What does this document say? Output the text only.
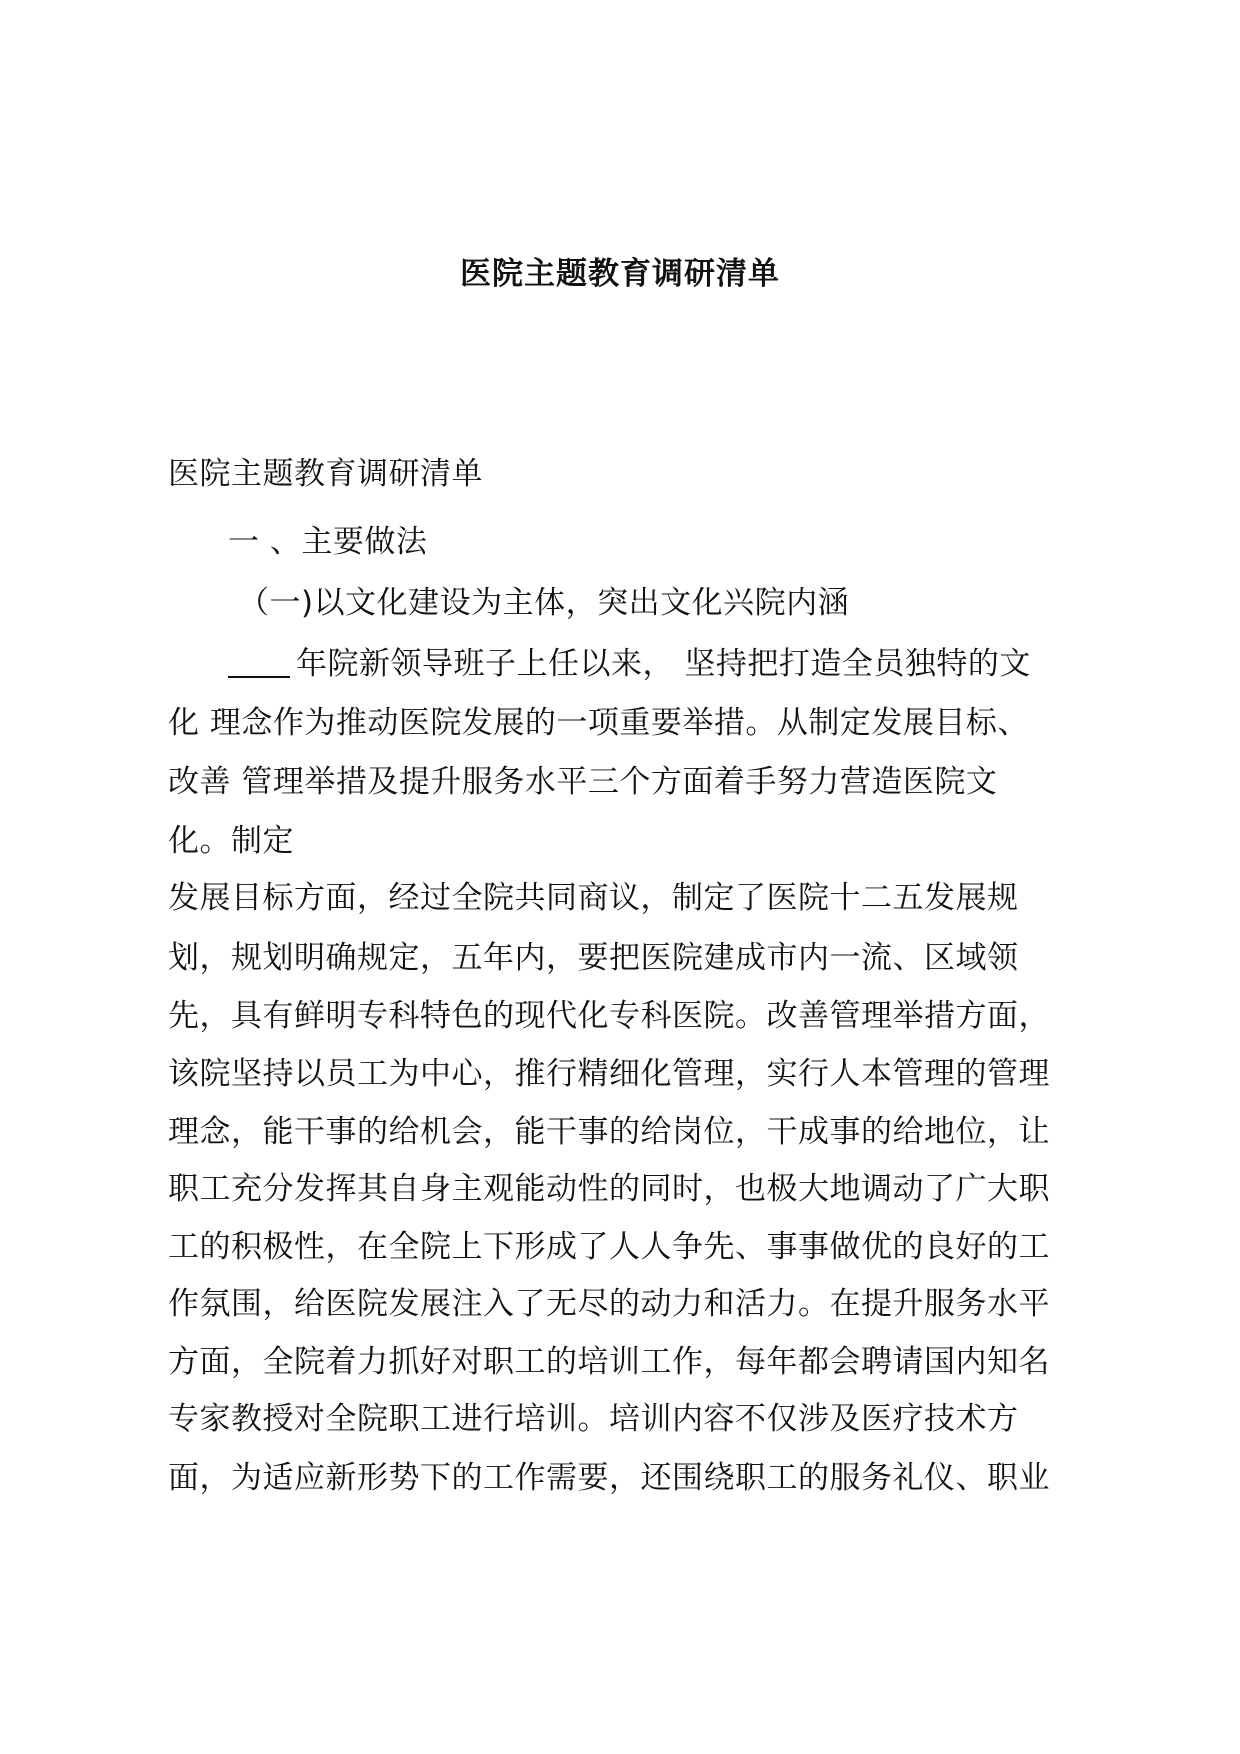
医院主题教育调研清单
医院主题教育调研清单
一 、主要做法
（一)以文化建设为主体，突出文化兴院内涵
年院新领导班子上任以来， 坚持把打造全员独特的文
化 理念作为推动医院发展的一项重要举措。从制定发展目标、
改善 管理举措及提升服务水平三个方面着手努力营造医院文
化。制定
发展目标方面，经过全院共同商议，制定了医院十二五发展规
划，规划明确规定，五年内，要把医院建成市内一流、区域领
先，具有鲜明专科特色的现代化专科医院。改善管理举措方面，
该院坚持以员工为中心，推行精细化管理，实行人本管理的管理
理念，能干事的给机会，能干事的给岗位，干成事的给地位，让
职工充分发挥其自身主观能动性的同时，也极大地调动了广大职
工的积极性，在全院上下形成了人人争先、事事做优的良好的工
作氛围，给医院发展注入了无尽的动力和活力。在提升服务水平
方面，全院着力抓好对职工的培训工作，每年都会聘请国内知名
专家教授对全院职工进行培训。培训内容不仅涉及医疗技术方
面，为适应新形势下的工作需要，还围绕职工的服务礼仪、职业
